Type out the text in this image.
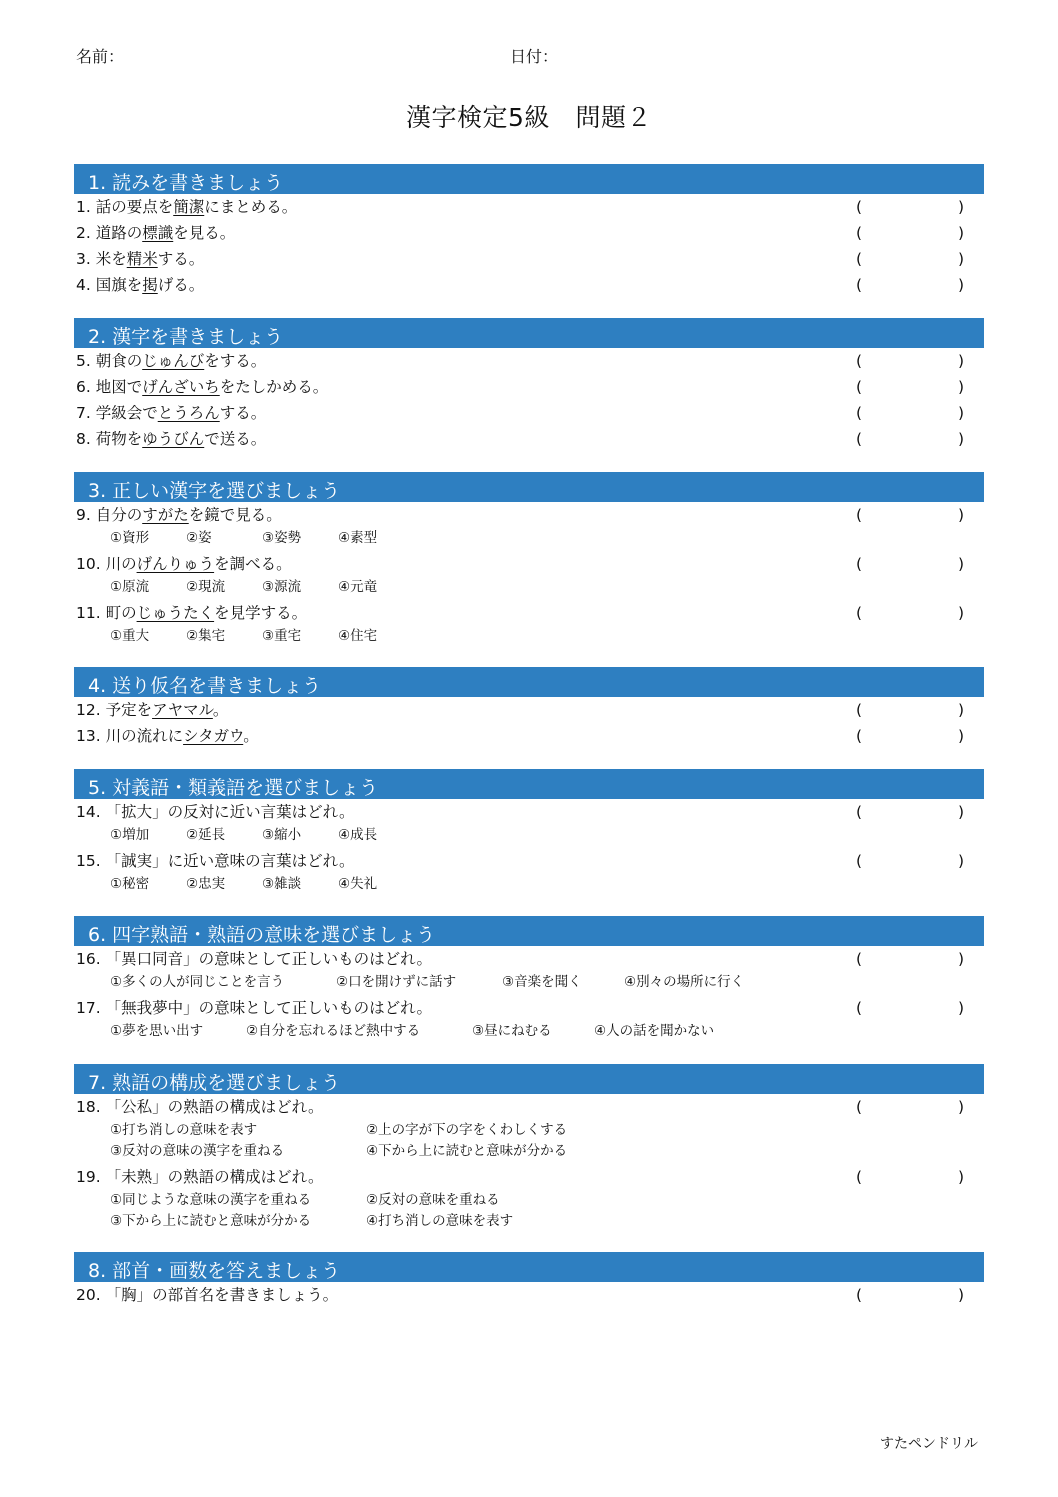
名前：	日付：
漢字検定5級　問題２
1. 読みを書きましょう
1. 話の要点を簡潔にまとめる。	(	)
2. 道路の標識を見る。	(	)
3. 米を精米する。	(	)
4. 国旗を掲げる。	(	)
2. 漢字を書きましょう
5. 朝食のじゅんびをする。	(	)
6. 地図でげんざいちをたしかめる。	(	)
7. 学級会でとうろんする。	(	)
8. 荷物をゆうびんで送る。	(	)
3. 正しい漢字を選びましょう
9. 自分のすがたを鏡で見る。	(	)
①資形	②姿	③姿勢	④素型
10. 川のげんりゅうを調べる。	(	)
①原流	②現流	③源流	④元竜
11. 町のじゅうたくを見学する。	(	)
①重大	②集宅	③重宅	④住宅
4. 送り仮名を書きましょう
12. 予定をアヤマル。	(	)
13. 川の流れにシタガウ。	(	)
5. 対義語・類義語を選びましょう
14. 「拡大」の反対に近い言葉はどれ。	(	)
①増加	②延長	③縮小	④成長
15. 「誠実」に近い意味の言葉はどれ。	(	)
①秘密	②忠実	③雑談	④失礼
6. 四字熟語・熟語の意味を選びましょう
16. 「異口同音」の意味として正しいものはどれ。	(	)
①多くの人が同じことを言う	②口を開けずに話す	③音楽を聞く	④別々の場所に行く
17. 「無我夢中」の意味として正しいものはどれ。	(	)
①夢を思い出す	②自分を忘れるほど熱中する	③昼にねむる	④人の話を聞かない
7. 熟語の構成を選びましょう
18. 「公私」の熟語の構成はどれ。	(	)
①打ち消しの意味を表す	②上の字が下の字をくわしくする
③反対の意味の漢字を重ねる	④下から上に読むと意味が分かる
19. 「未熟」の熟語の構成はどれ。	(	)
①同じような意味の漢字を重ねる	②反対の意味を重ねる
③下から上に読むと意味が分かる	④打ち消しの意味を表す
8. 部首・画数を答えましょう
20. 「胸」の部首名を書きましょう。	(	)
すたペンドリル
